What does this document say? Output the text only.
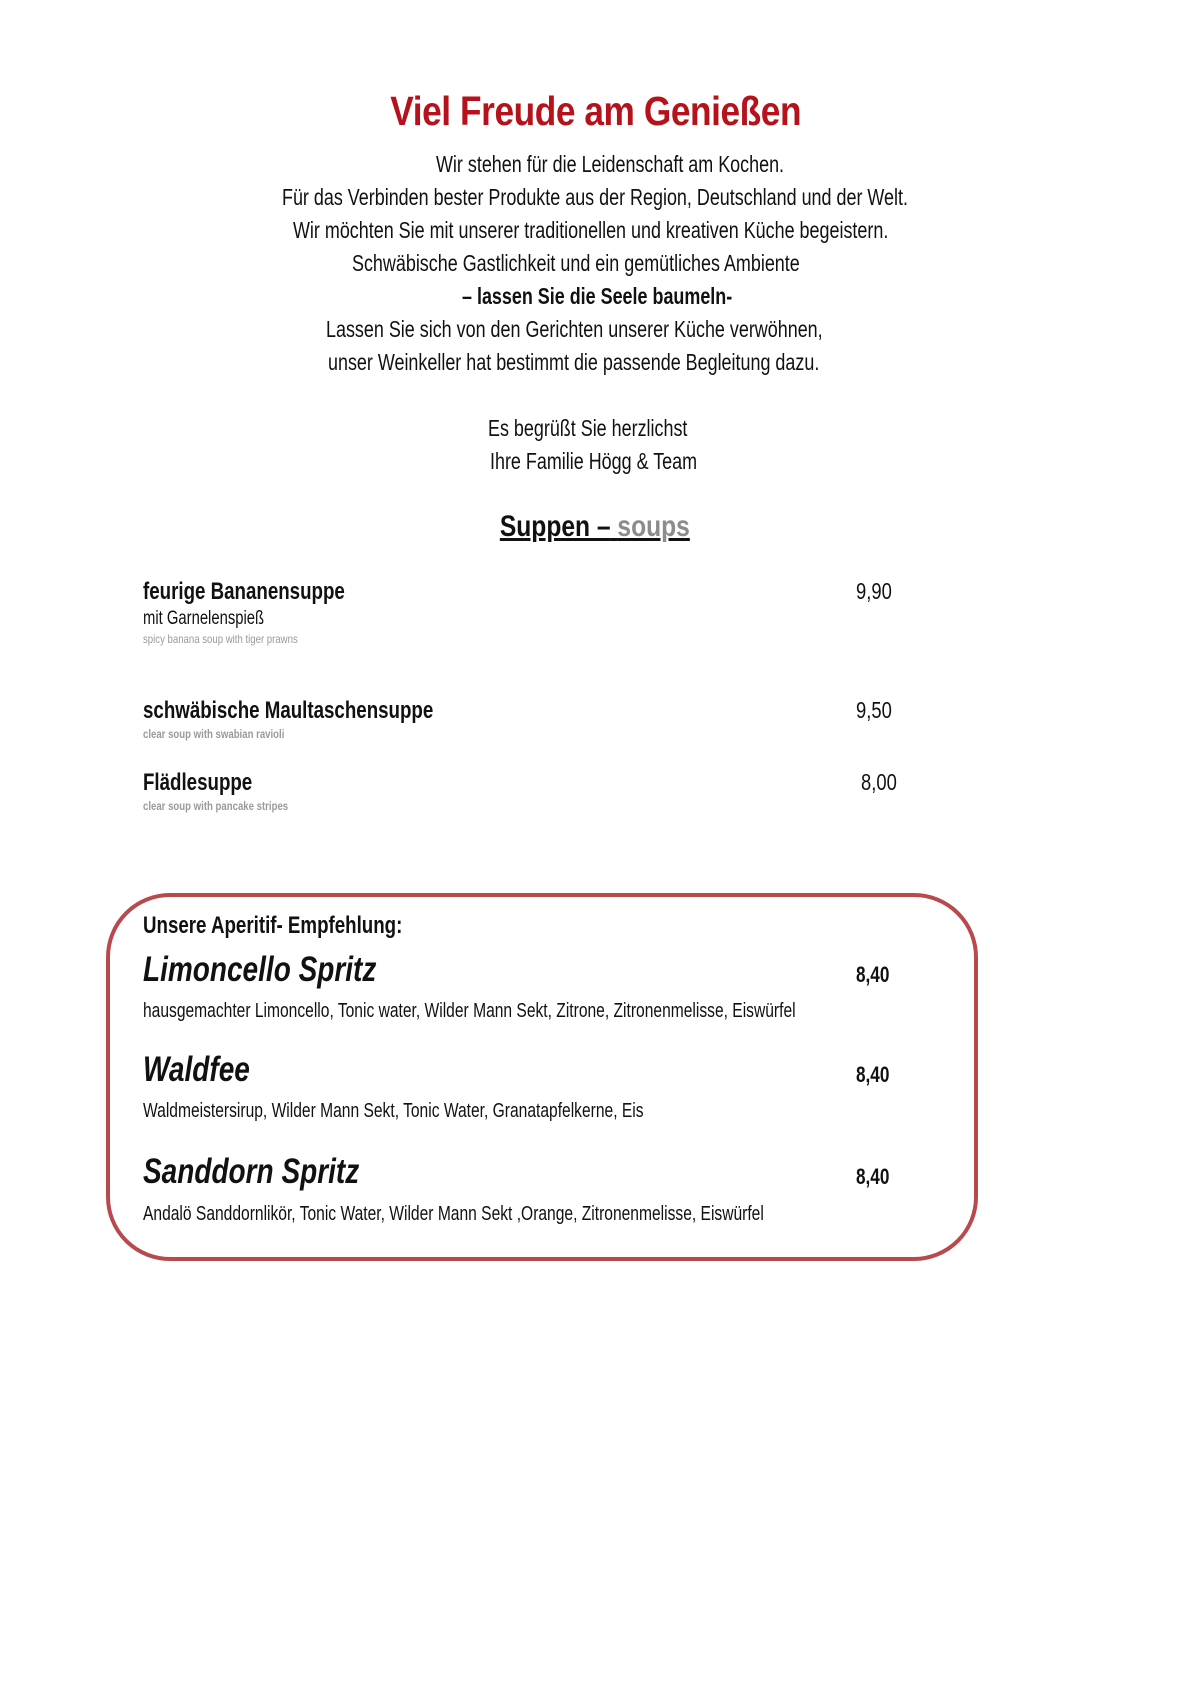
Viel Freude am Genießen
Wir stehen für die Leidenschaft am Kochen.
Für das Verbinden bester Produkte aus der Region, Deutschland und der Welt.
Wir möchten Sie mit unserer traditionellen und kreativen Küche begeistern.
Schwäbische Gastlichkeit und ein gemütliches Ambiente
– lassen Sie die Seele baumeln-
Lassen Sie sich von den Gerichten unserer Küche verwöhnen,
unser Weinkeller hat bestimmt die passende Begleitung dazu.
Es begrüßt Sie herzlichst
Ihre Familie Högg & Team
Suppen – soups
feurige Bananensuppe
mit Garnelenspieß
spicy banana soup with tiger prawns
9,90
schwäbische Maultaschensuppe
clear soup with swabian ravioli
9,50
Flädlesuppe
clear soup with pancake stripes
8,00
Unsere Aperitif- Empfehlung:
Limoncello Spritz	8,40
hausgemachter Limoncello, Tonic water, Wilder Mann Sekt, Zitrone, Zitronenmelisse, Eiswürfel
Waldfee	8,40
Waldmeistersirup, Wilder Mann Sekt, Tonic Water, Granatapfelkerne, Eis
Sanddorn Spritz	8,40
Andalö Sanddornlikör, Tonic Water, Wilder Mann Sekt ,Orange, Zitronenmelisse, Eiswürfel
